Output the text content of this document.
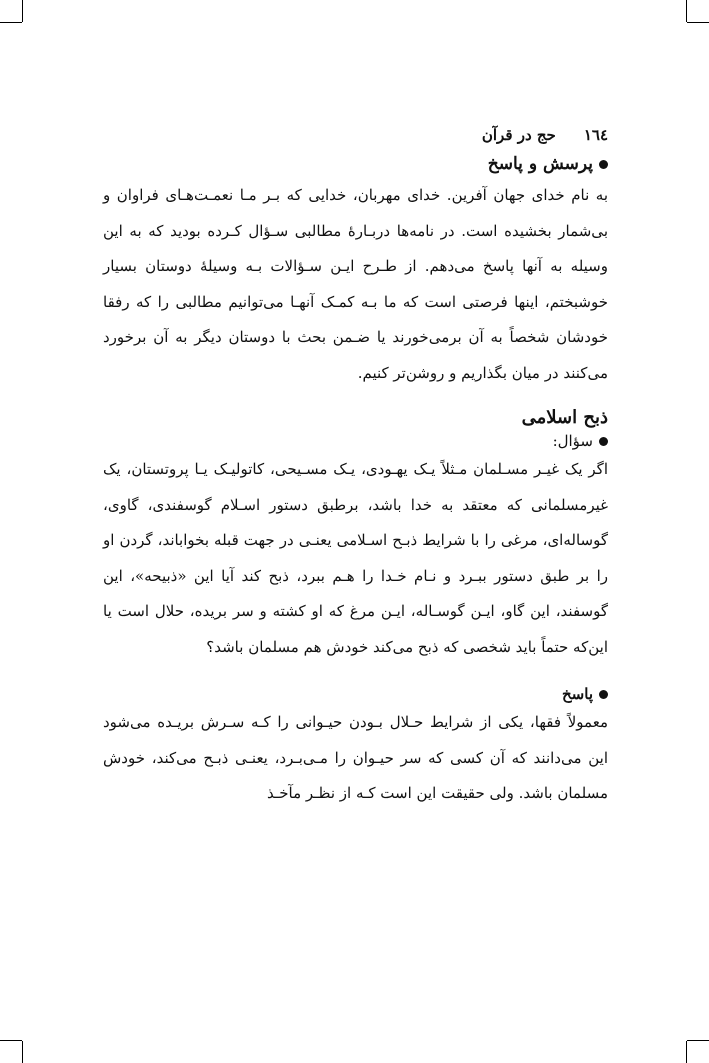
١٦٤
حج در قرآن
پرسش و پاسخ

به نام خدای جهان آفرین. خدای مهربان، خدایی که بـر مـا نعمـت‌هـای فراوان و بی‌شمار بخشیده است. در نامه‌ها دربـارهٔ مطالبی سـؤال کـرده بودید که به این وسیله به آنها پاسخ می‌دهم. از طـرح ایـن سـؤالات بـه وسیلهٔ دوستان بسیار خوشبختم، اینها فرصتی است که ما بـه کمـک آنهـا می‌توانیم مطالبی را که رفقا خودشان شخصاً به آن برمی‌خورند یا ضـمن بحث با دوستان دیگر به آن برخورد می‌کنند در میان بگذاریم و روشن‌تر کنیم.

ذبح اسلامی
سؤال:

اگر یک غیـر مسـلمان مـثلاً یـک یهـودی، یـک مسـیحی، کاتولیـک یـا پروتستان، یک غیرمسلمانی که معتقد به خدا باشد، برطبق دستور اسـلام گوسفندی، گاوی، گوساله‌ای، مرغی را با شرایط ذبـح اسـلامی یعنـی در جهت قبله بخواباند، گردن او را بر طبق دستور ببـرد و نـام خـدا را هـم ببرد، ذبح کند آیا این «ذبیحه»، این گوسفند، این گاو، ایـن گوسـاله، ایـن مرغ که او کشته و سر بریده، حلال است یا این‌که حتماً باید شخصی که ذبح می‌کند خودش هم مسلمان باشد؟

پاسخ

معمولاً فقها، یکی از شرایط حـلال بـودن حیـوانی را کـه سـرش بریـده می‌شود این می‌دانند که آن کسی که سر حیـوان را مـی‌بـرد، یعنـی ذبـح می‌کند، خودش مسلمان باشد. ولی حقیقت این است کـه از نظـر مآخـذ
